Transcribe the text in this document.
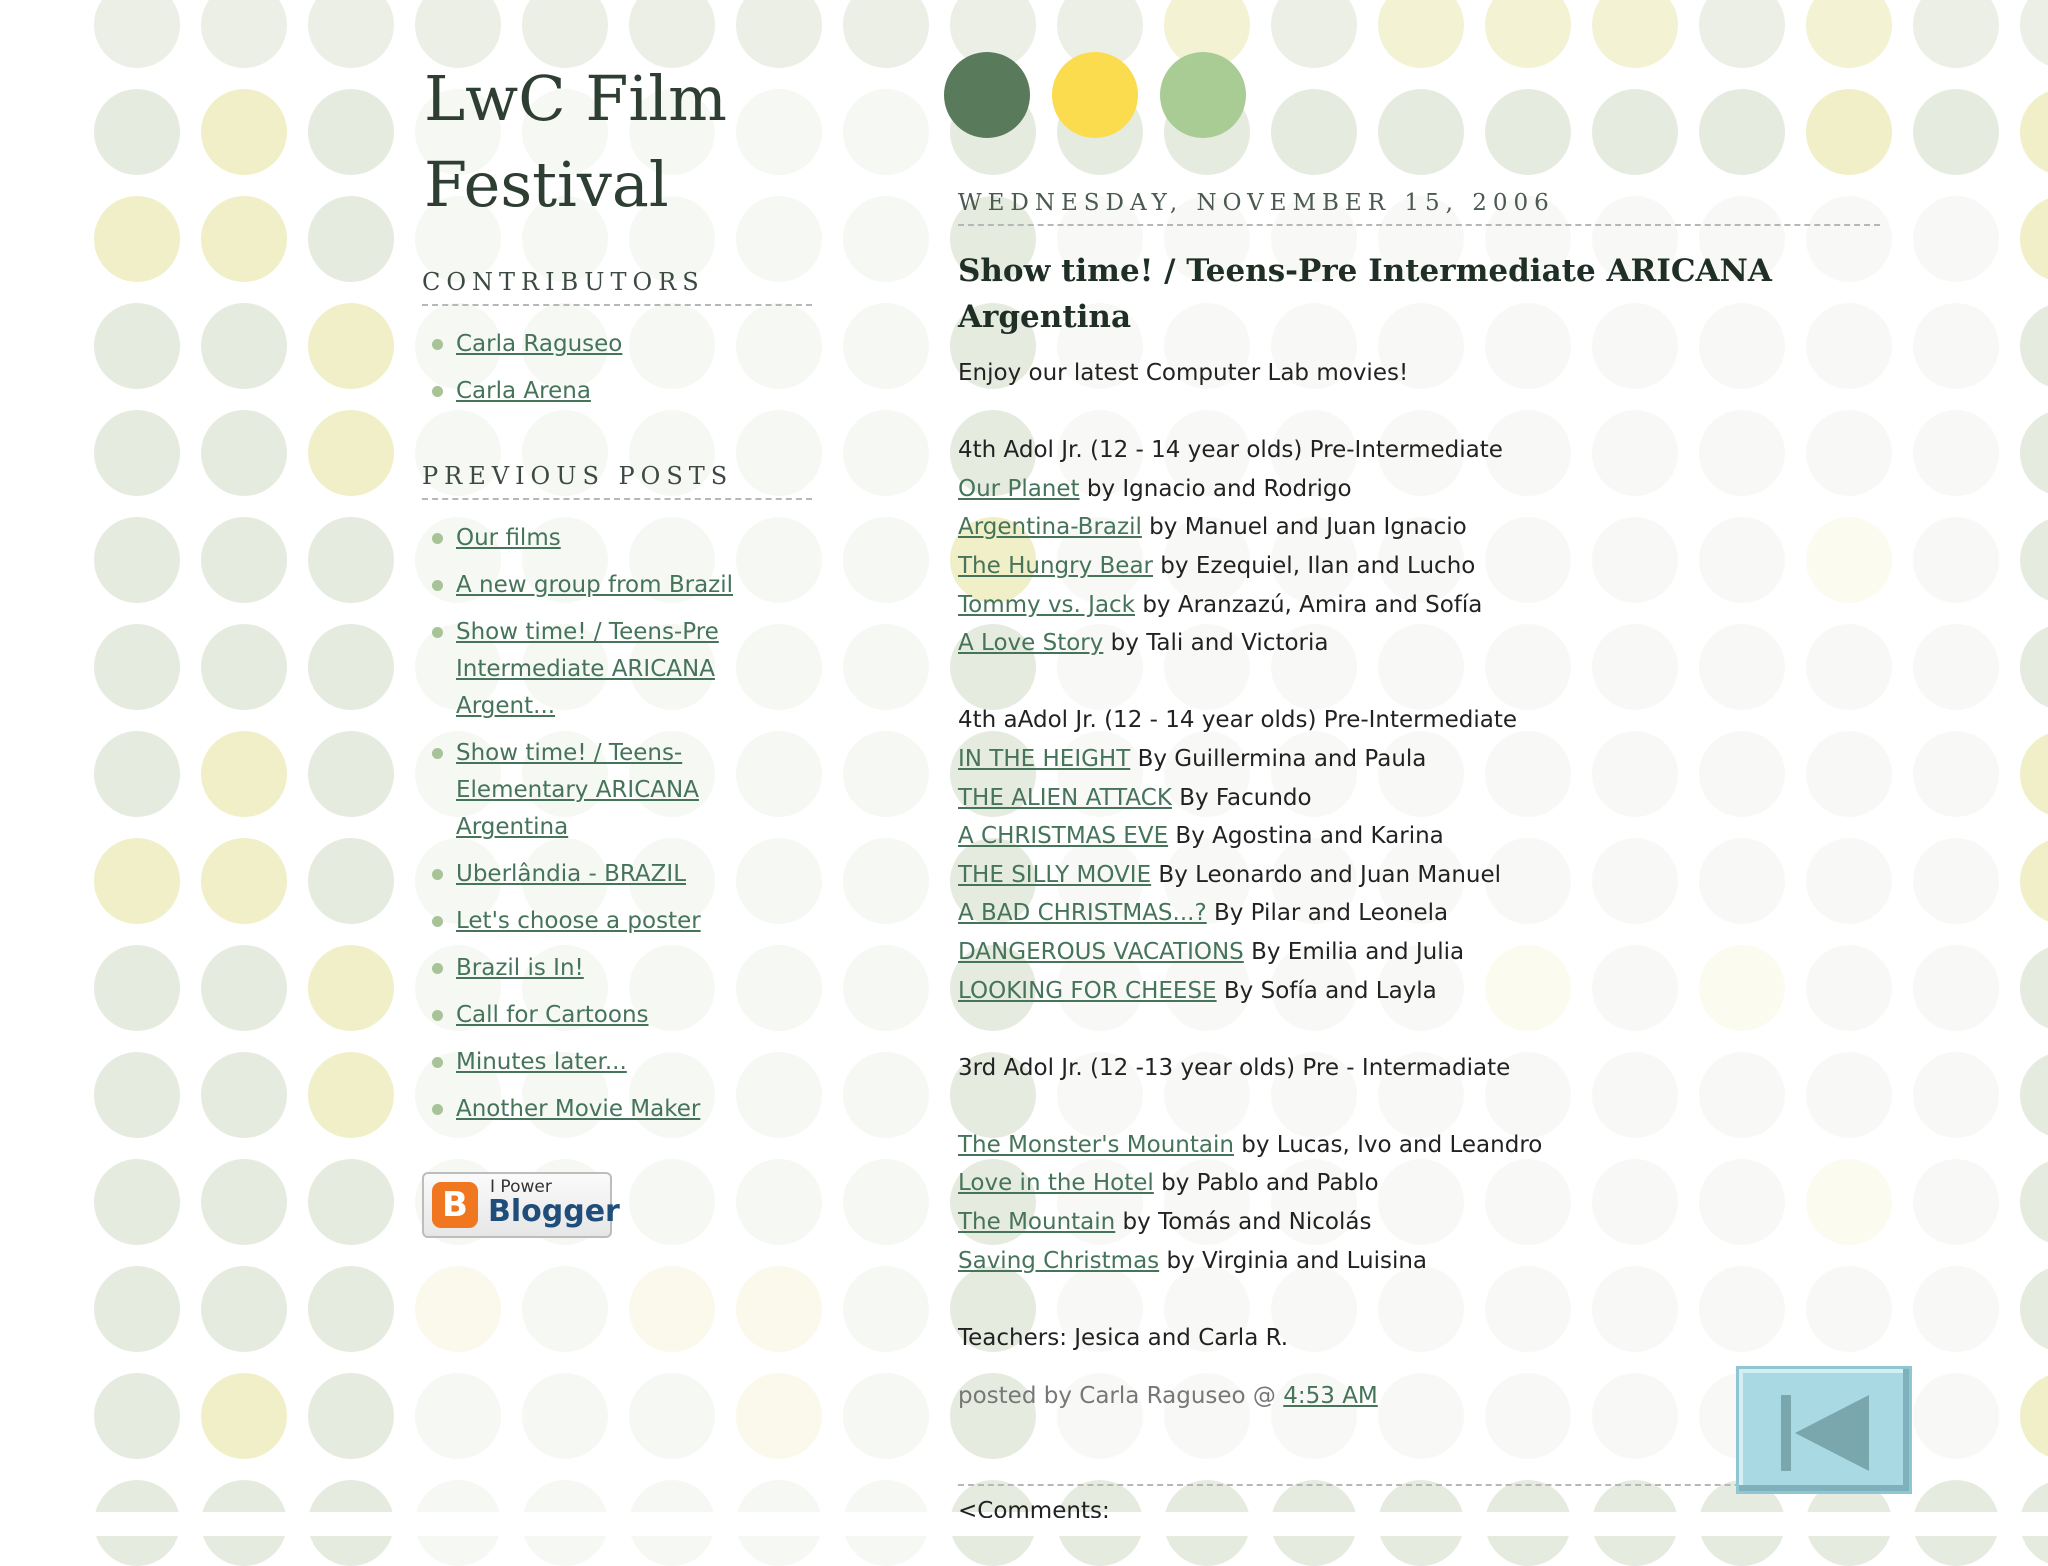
LwC Film Festival
CONTRIBUTORS
Carla Raguseo
Carla Arena
PREVIOUS POSTS
Our films
A new group from Brazil
Show time! / Teens-Pre Intermediate ARICANA Argent...
Show time! / Teens-Elementary ARICANA Argentina
Uberlândia - BRAZIL
Let's choose a poster
Brazil is In!
Call for Cartoons
Minutes later...
Another Movie Maker
B	I Power
Blogger
WEDNESDAY, NOVEMBER 15, 2006
Show time! / Teens-Pre Intermediate ARICANA Argentina

Enjoy our latest Computer Lab movies!

4th Adol Jr. (12 - 14 year olds) Pre-Intermediate

Our Planet by Ignacio and Rodrigo

Argentina-Brazil by Manuel and Juan Ignacio

The Hungry Bear by Ezequiel, Ilan and Lucho

Tommy vs. Jack by Aranzazú, Amira and Sofía

A Love Story by Tali and Victoria

4th aAdol Jr. (12 - 14 year olds) Pre-Intermediate

IN THE HEIGHT By Guillermina and Paula

THE ALIEN ATTACK By Facundo

A CHRISTMAS EVE By Agostina and Karina

THE SILLY MOVIE By Leonardo and Juan Manuel

A BAD CHRISTMAS...? By Pilar and Leonela

DANGEROUS VACATIONS By Emilia and Julia

LOOKING FOR CHEESE By Sofía and Layla

3rd Adol Jr. (12 -13 year olds) Pre - Intermadiate

The Monster's Mountain by Lucas, Ivo and Leandro

Love in the Hotel by Pablo and Pablo

The Mountain by Tomás and Nicolás

Saving Christmas by Virginia and Luisina

Teachers: Jesica and Carla R.

posted by Carla Raguseo @ 4:53 AM
<Comments:
